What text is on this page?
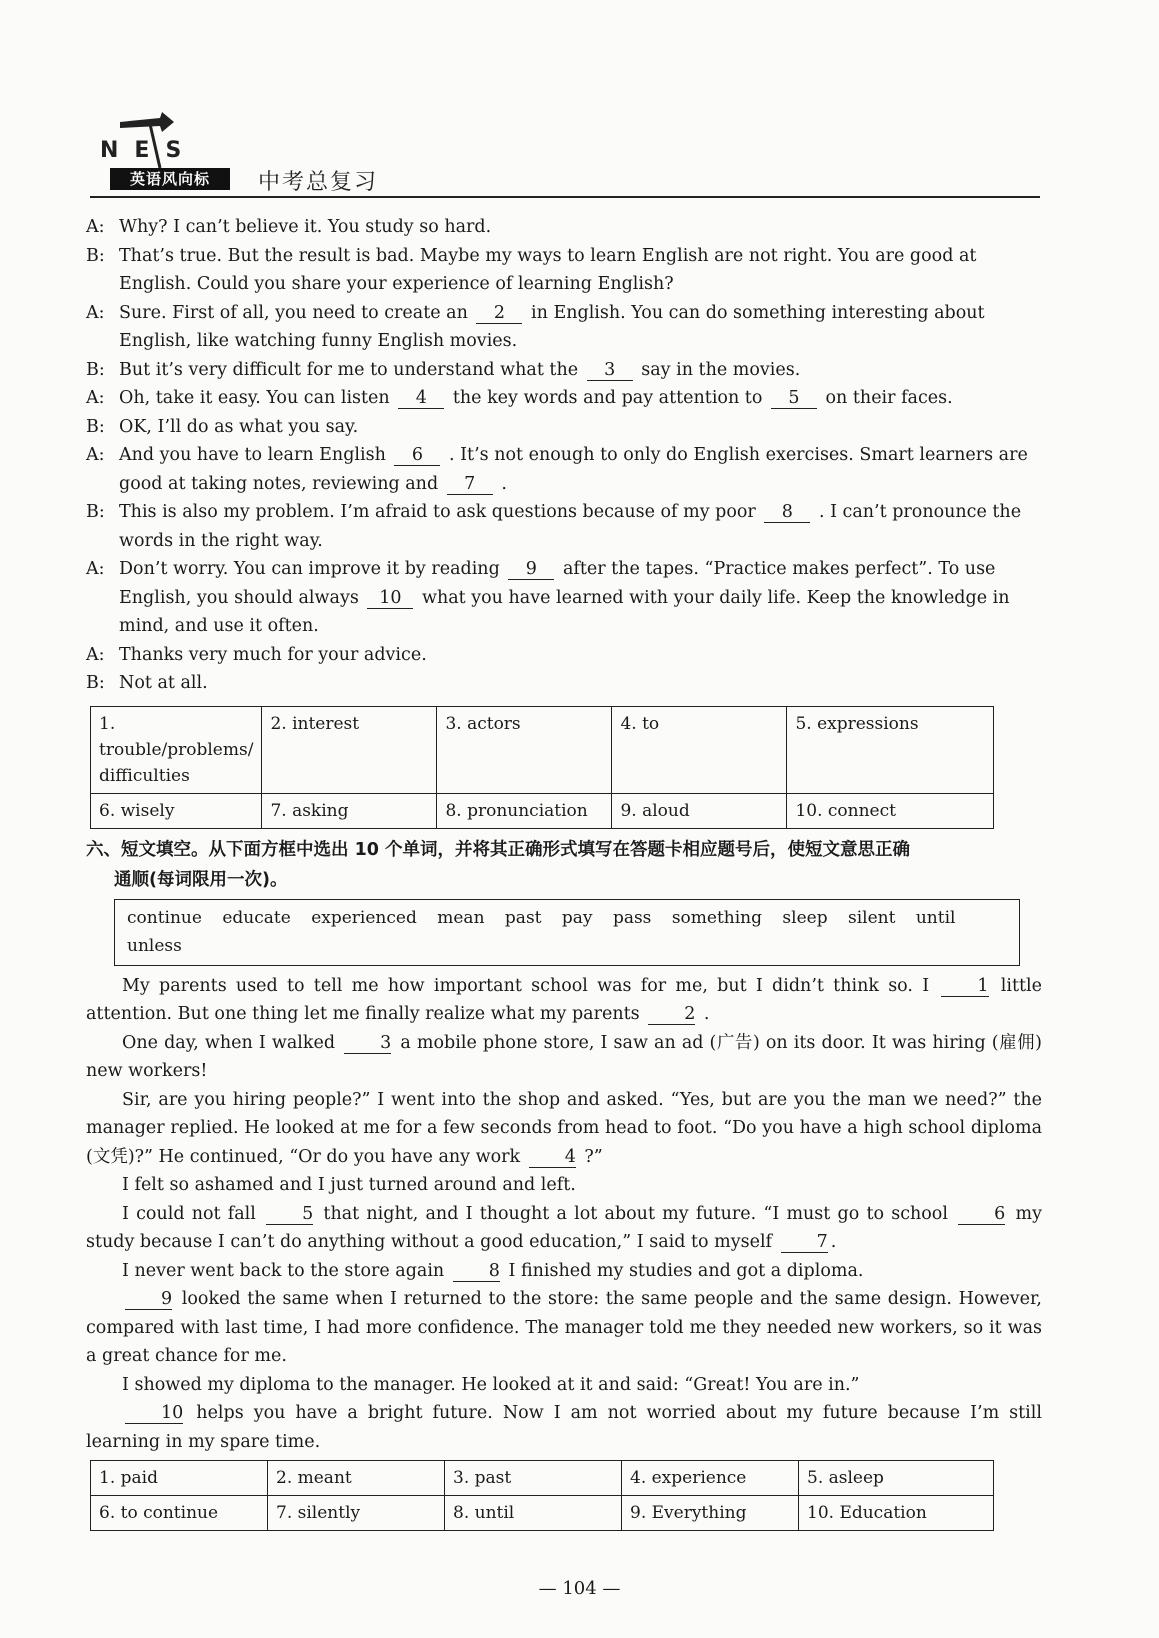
NES
英语风向标	中考总复习
A: Why? I can’t believe it. You study so hard.
B: That’s true. But the result is bad. Maybe my ways to learn English are not right. You are good at English. Could you share your experience of learning English?
A: Sure. First of all, you need to create an 2 in English. You can do something interesting about English, like watching funny English movies.
B: But it’s very difficult for me to understand what the 3 say in the movies.
A: Oh, take it easy. You can listen 4 the key words and pay attention to 5 on their faces.
B: OK, I’ll do as what you say.
A: And you have to learn English 6 . It’s not enough to only do English exercises. Smart learners are good at taking notes, reviewing and 7 .
B: This is also my problem. I’m afraid to ask questions because of my poor 8 . I can’t pronounce the words in the right way.
A: Don’t worry. You can improve it by reading 9 after the tapes. “Practice makes perfect”. To use English, you should always 10 what you have learned with your daily life. Keep the knowledge in mind, and use it often.
A: Thanks very much for your advice.
B: Not at all.
1. trouble/problems/ difficulties	2. interest	3. actors	4. to	5. expressions
6. wisely	7. asking	8. pronunciation	9. aloud	10. connect
六、短文填空。从下面方框中选出 10 个单词，并将其正确形式填写在答题卡相应题号后，使短文意思正确
通顺(每词限用一次)。
continue educate experienced mean past pay pass something sleep silent until unless
My parents used to tell me how important school was for me, but I didn’t think so. I	1 little attention. But one thing let me finally realize what my parents	2 .
One day, when I walked	3 a mobile phone store, I saw an ad (广告) on its door. It was hiring (雇佣) new workers!
Sir, are you hiring people?” I went into the shop and asked. “Yes, but are you the man we need?” the manager replied. He looked at me for a few seconds from head to foot. “Do you have a high school diploma (文凭)?” He continued, “Or do you have any work	4 ?”
I felt so ashamed and I just turned around and left.
I could not fall	5 that night, and I thought a lot about my future. “I must go to school	6 my study because I can’t do anything without a good education,” I said to myself	7 .
I never went back to the store again	8 I finished my studies and got a diploma.
9 looked the same when I returned to the store: the same people and the same design. However, compared with last time, I had more confidence. The manager told me they needed new workers, so it was a great chance for me.
I showed my diploma to the manager. He looked at it and said: “Great! You are in.”
10 helps you have a bright future. Now I am not worried about my future because I’m still learning in my spare time.
1. paid	2. meant	3. past	4. experience	5. asleep
6. to continue	7. silently	8. until	9. Everything	10. Education
— 104 —
